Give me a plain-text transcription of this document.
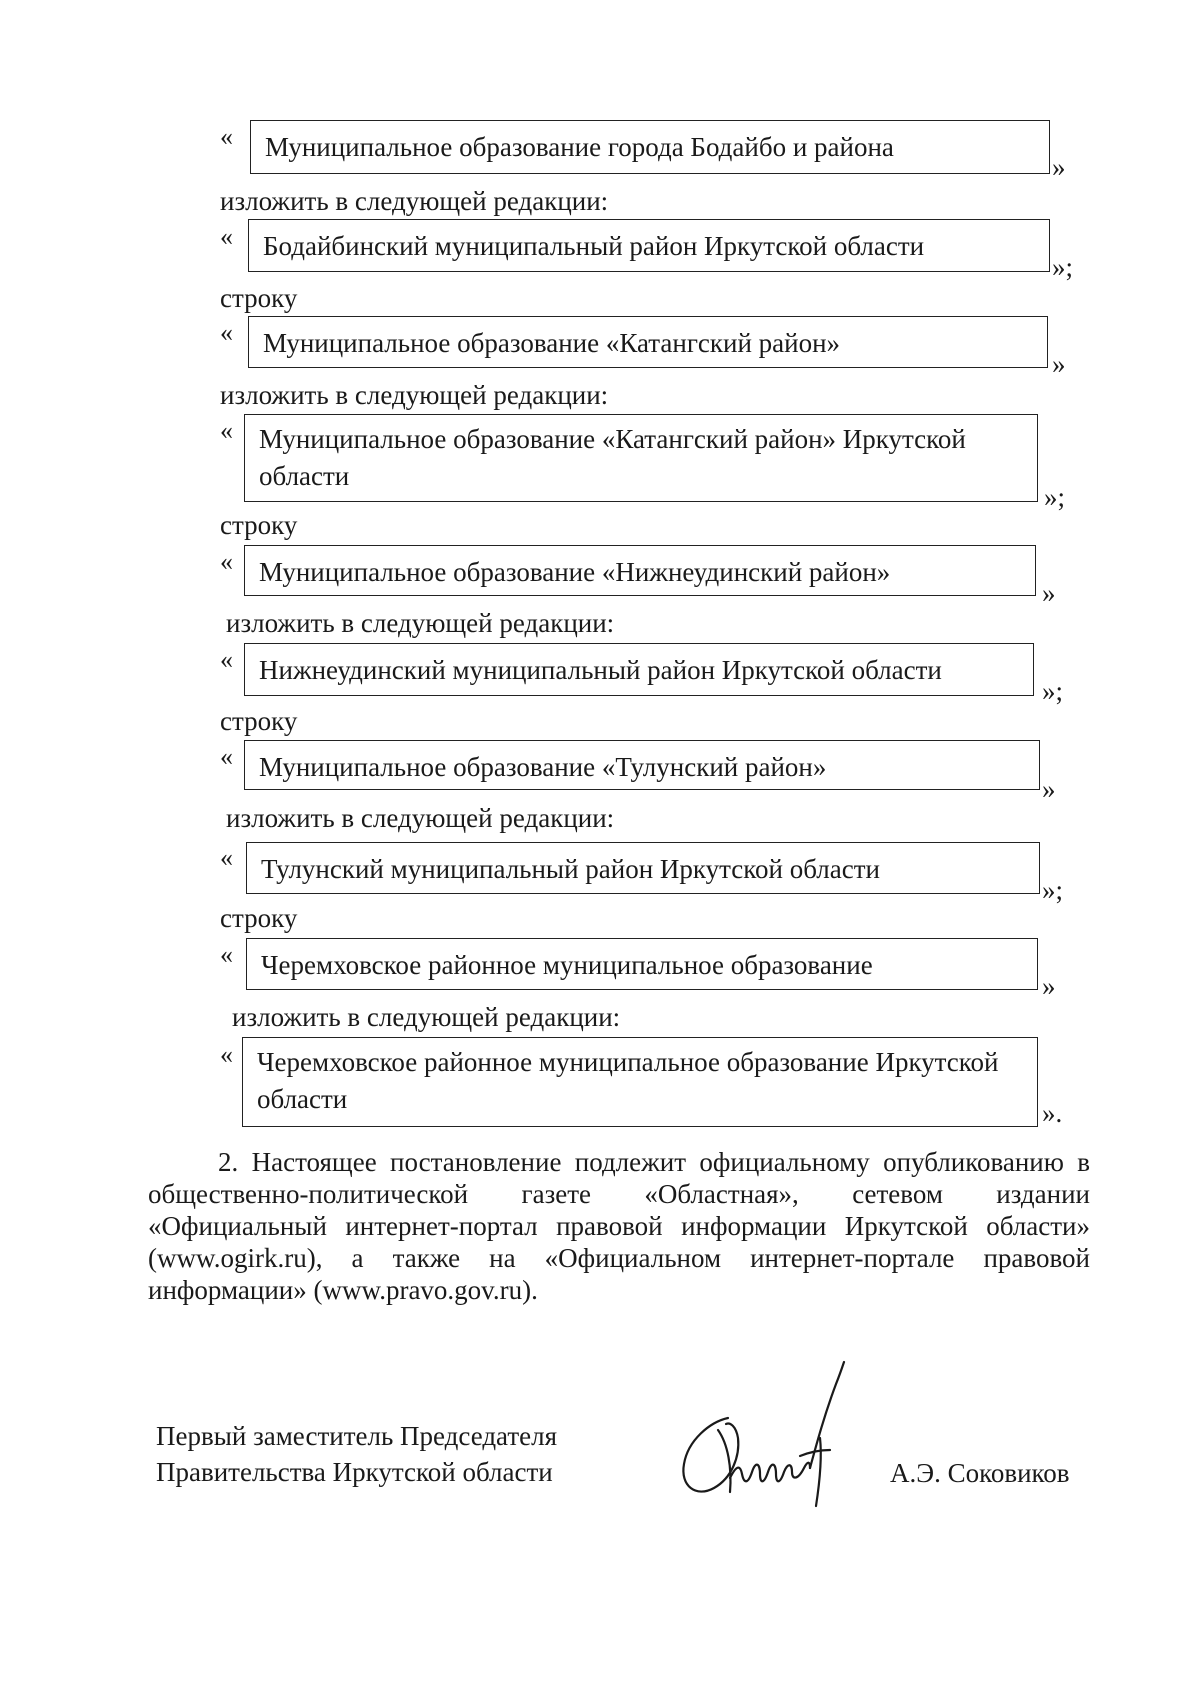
«	Муниципальное образование города Бодайбо и района
»
изложить в следующей редакции:
«	Бодайбинский муниципальный район Иркутской области
»;
строку
«	Муниципальное образование «Катангский район»
»
изложить в следующей редакции:
« Муниципальное образование «Катангский район» Иркутской области
»;
строку
« Муниципальное образование «Нижнеудинский район»
»
изложить в следующей редакции:
« Нижнеудинский муниципальный район Иркутской области
»;
строку
« Муниципальное образование «Тулунский район»
»
изложить в следующей редакции:
«	Тулунский муниципальный район Иркутской области
»;
строку
«	Черемховское районное муниципальное образование
»
изложить в следующей редакции:
« Черемховское районное муниципальное образование Иркутской области	».
2. Настоящее постановление подлежит официальному опубликованию в
общественно-политической газете «Областная», сетевом издании
«Официальный интернет-портал правовой информации Иркутской области»
(www.ogirk.ru), а также на «Официальном интернет-портале правовой
информации» (www.pravo.gov.ru).
Первый заместитель Председателя
Правительства Иркутской области	А.Э. Соковиков
